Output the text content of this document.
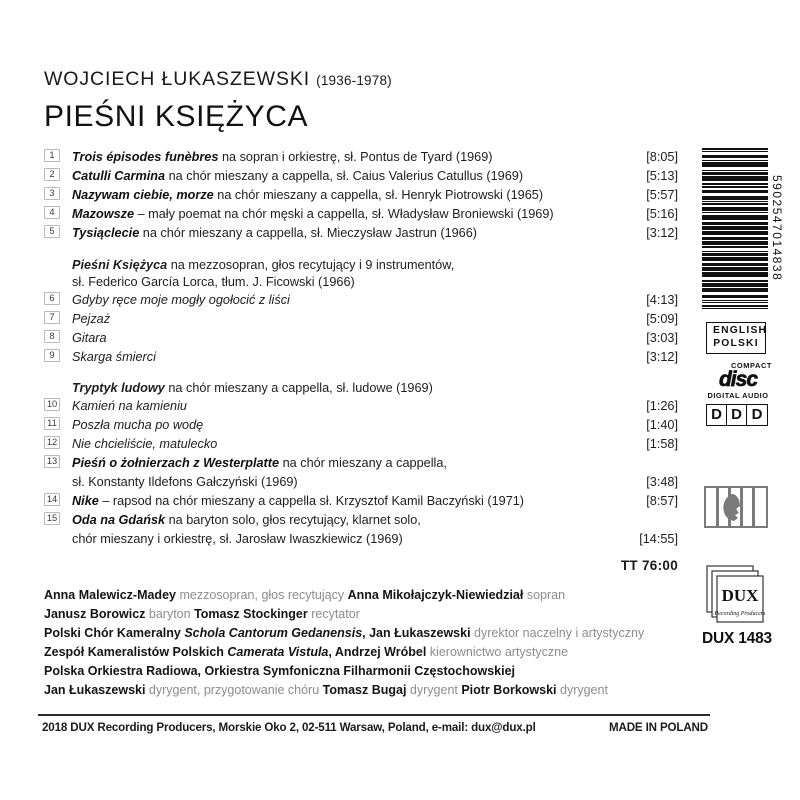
WOJCIECH ŁUKASZEWSKI (1936-1978)
PIEŚNI KSIĘŻYCA
1	Trois épisodes funèbres na sopran i orkiestrę, sł. Pontus de Tyard (1969)	[8:05]
2	Catulli Carmina na chór mieszany a cappella, sł. Caius Valerius Catullus (1969)	[5:13]
3	Nazywam ciebie, morze na chór mieszany a cappella, sł. Henryk Piotrowski (1965)	[5:57]
4	Mazowsze – mały poemat na chór męski a cappella, sł. Władysław Broniewski (1969)	[5:16]
5	Tysiąclecie na chór mieszany a cappella, sł. Mieczysław Jastrun (1966)	[3:12]
Pieśni Księżyca na mezzosopran, głos recytujący i 9 instrumentów,
sł. Federico García Lorca, tłum. J. Ficowski (1966)
6	Gdyby ręce moje mogły ogołocić z liści	[4:13]
7	Pejzaż	[5:09]
8	Gitara	[3:03]
9	Skarga śmierci	[3:12]
Tryptyk ludowy na chór mieszany a cappella, sł. ludowe (1969)
10	Kamień na kamieniu	[1:26]
11	Poszła mucha po wodę	[1:40]
12	Nie chcieliście, matulecko	[1:58]
13	Pieśń o żołnierzach z Westerplatte na chór mieszany a cappella,
sł. Konstanty Ildefons Gałczyński (1969)	[3:48]
14	Nike – rapsod na chór mieszany a cappella sł. Krzysztof Kamil Baczyński (1971)	[8:57]
15	Oda na Gdańsk na baryton solo, głos recytujący, klarnet solo,
chór mieszany i orkiestrę, sł. Jarosław Iwaszkiewicz (1969)	[14:55]
TT 76:00
Anna Malewicz-Madey mezzosopran, głos recytujący Anna Mikołajczyk-Niewiedział sopran
Janusz Borowicz baryton Tomasz Stockinger recytator
Polski Chór Kameralny Schola Cantorum Gedanensis, Jan Łukaszewski dyrektor naczelny i artystyczny
Zespół Kameralistów Polskich Camerata Vistula, Andrzej Wróbel kierownictwo artystyczne
Polska Orkiestra Radiowa, Orkiestra Symfoniczna Filharmonii Częstochowskiej
Jan Łukaszewski dyrygent, przygotowanie chóru Tomasz Bugaj dyrygent Piotr Borkowski dyrygent
2018 DUX Recording Producers, Morskie Oko 2, 02-511 Warsaw, Poland, e-mail: dux@dux.pl	MADE IN POLAND
5902547014838
ENGLISH
POLSKI
COMPACT
disc
DIGITAL AUDIO
D D D
DUX
Recording Producers
DUX 1483
